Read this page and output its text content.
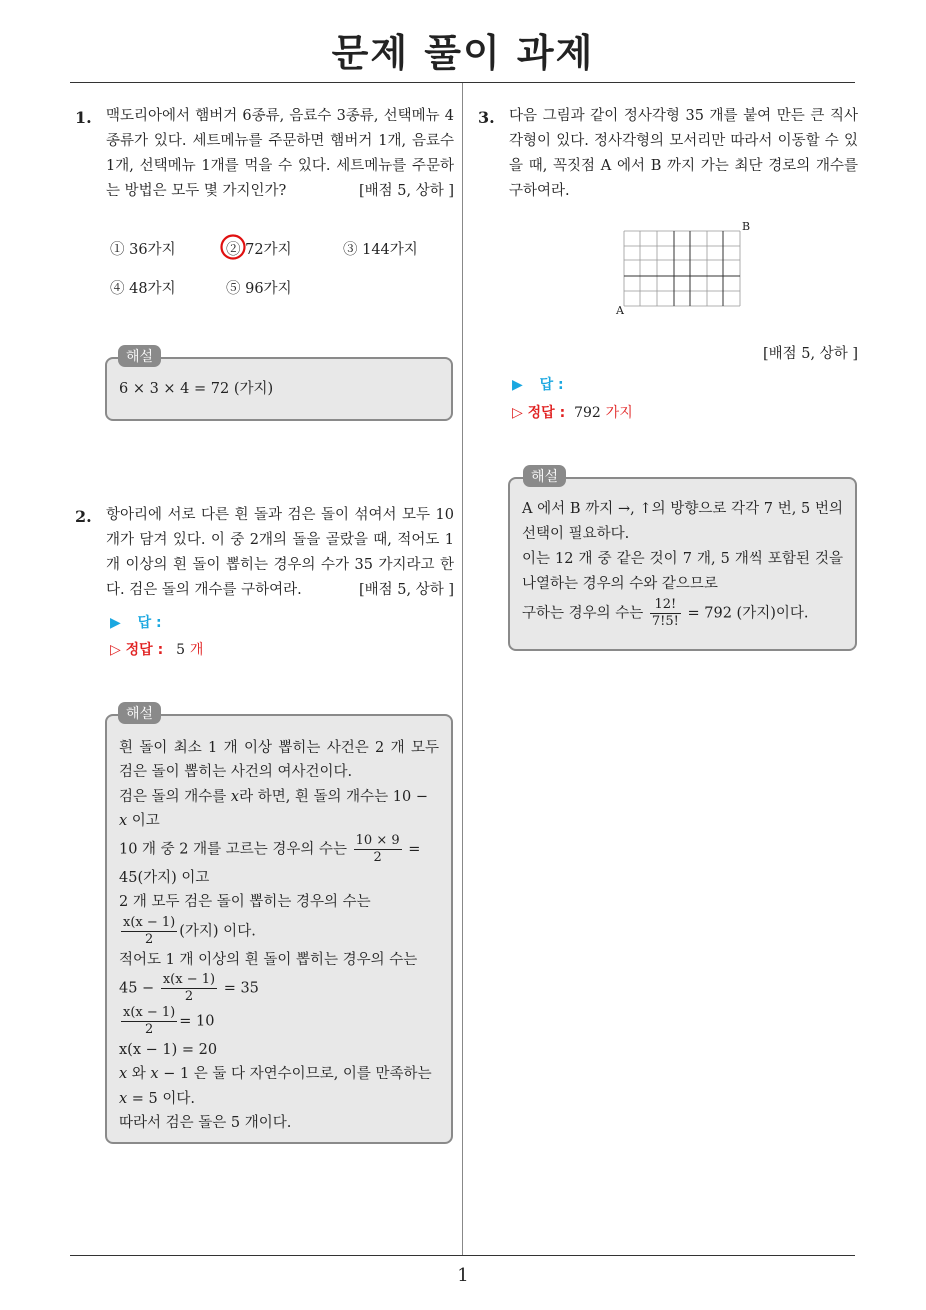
문제 풀이 과제
1. 맥도리아에서 햄버거 6종류, 음료수 3종류, 선택메뉴 4종류가 있다. 세트메뉴를 주문하면 햄버거 1개, 음료수 1개, 선택메뉴 1개를 먹을 수 있다. 세트메뉴를 주문하는 방법은 모두 몇 가지인가?	[배점 5, 상하 ]
① 36가지	② 72가지	③ 144가지
④ 48가지	⑤ 96가지
6 × 3 × 4 = 72 (가지)
해설
2. 항아리에 서로 다른 흰 돌과 검은 돌이 섞여서 모두 10개가 담겨 있다. 이 중 2개의 돌을 골랐을 때, 적어도 1개 이상의 흰 돌이 뽑히는 경우의 수가 35 가지라고 한다. 검은 돌의 개수를 구하여라.	[배점 5, 상하 ]
▶ 답 :
▷ 정답 : 5 개
흰 돌이 최소 1 개 이상 뽑히는 사건은 2 개 모두 검은 돌이 뽑히는 사건의 여사건이다.
검은 돌의 개수를 x라 하면, 흰 돌의 개수는 10 − x 이고
10 개 중 2 개를 고르는 경우의 수는 $\frac{10 \times 9}{2}$ =
45(가지) 이고
2 개 모두 검은 돌이 뽑히는 경우의 수는
$\frac{x(x - 1)}{2}$ (가지) 이다.
적어도 1 개 이상의 흰 돌이 뽑히는 경우의 수는
$45 - \frac{x(x - 1)}{2} = 35$
$\frac{x(x - 1)}{2} = 10$
x(x − 1) = 20
x 와 x − 1 은 둘 다 자연수이므로, 이를 만족하는
x = 5 이다.
따라서 검은 돌은 5 개이다.
해설
3. 다음 그림과 같이 정사각형 35 개를 붙여 만든 큰 직사각형이 있다. 정사각형의 모서리만 따라서 이동할 수 있을 때, 꼭짓점 A 에서 B 까지 가는 최단 경로의 개수를 구하여라.
A
B
[배점 5, 상하 ]
▶ 답 :
▷ 정답 : 792 가지
A 에서 B 까지 →, ↑의 방향으로 각각 7 번, 5 번의 선택이 필요하다.
이는 12 개 중 같은 것이 7 개, 5 개씩 포함된 것을 나열하는 경우의 수와 같으므로
구하는 경우의 수는 $\frac{12!}{7!5!} = 792$ (가지)이다.
해설
1
